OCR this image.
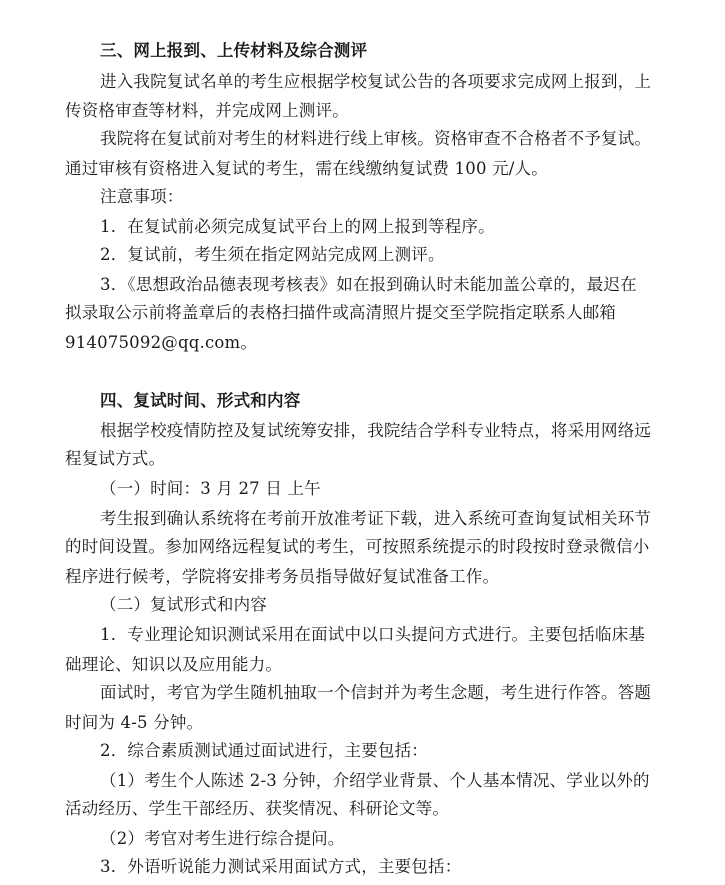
三、网上报到、上传材料及综合测评
进入我院复试名单的考生应根据学校复试公告的各项要求完成网上报到，上
传资格审查等材料，并完成网上测评。
我院将在复试前对考生的材料进行线上审核。资格审查不合格者不予复试。
通过审核有资格进入复试的考生，需在线缴纳复试费 100 元/人。
注意事项：
1．在复试前必须完成复试平台上的网上报到等程序。
2．复试前，考生须在指定网站完成网上测评。
3．《思想政治品德表现考核表》如在报到确认时未能加盖公章的，最迟在
拟录取公示前将盖章后的表格扫描件或高清照片提交至学院指定联系人邮箱
914075092@qq.com。
四、复试时间、形式和内容
根据学校疫情防控及复试统筹安排，我院结合学科专业特点，将采用网络远
程复试方式。
（一）时间：3 月 27 日 上午
考生报到确认系统将在考前开放准考证下载，进入系统可查询复试相关环节
的时间设置。参加网络远程复试的考生，可按照系统提示的时段按时登录微信小
程序进行候考，学院将安排考务员指导做好复试准备工作。
（二）复试形式和内容
1．专业理论知识测试采用在面试中以口头提问方式进行。主要包括临床基
础理论、知识以及应用能力。
面试时，考官为学生随机抽取一个信封并为考生念题，考生进行作答。答题
时间为 4-5 分钟。
2．综合素质测试通过面试进行，主要包括：
（1）考生个人陈述 2-3 分钟，介绍学业背景、个人基本情况、学业以外的
活动经历、学生干部经历、获奖情况、科研论文等。
（2）考官对考生进行综合提问。
3．外语听说能力测试采用面试方式，主要包括：
